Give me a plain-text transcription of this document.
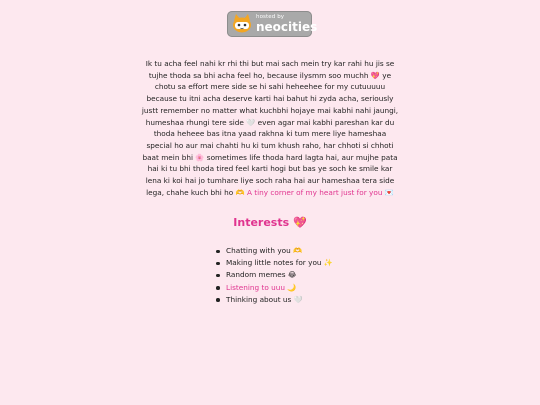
hosted by
neocities
Ik tu acha feel nahi kr rhi thi but mai sach mein try kar rahi hu jis se tujhe thoda sa bhi acha feel ho, because ilysmm soo muchh 💖 ye chotu sa effort mere side se hi sahi heheehee for my cutuuuuu because tu itni acha deserve karti hai bahut hi zyda acha, seriously justt remember no matter what kuchbhi hojaye mai kabhi nahi jaungi, humeshaa rhungi tere side 🤍 even agar mai kabhi pareshan kar du thoda heheee bas itna yaad rakhna ki tum mere liye hameshaa special ho aur mai chahti hu ki tum khush raho, har chhoti si chhoti baat mein bhi 🌸 sometimes life thoda hard lagta hai, aur mujhe pata hai ki tu bhi thoda tired feel karti hogi but bas ye soch ke smile kar lena ki koi hai jo tumhare liye soch raha hai aur hameshaa tera side lega, chahe kuch bhi ho 🫶 A tiny corner of my heart just for you 💌
Interests 💖
Chatting with you 🫶
Making little notes for you ✨
Random memes 😂
Listening to uuu 🌙
Thinking about us 🤍
